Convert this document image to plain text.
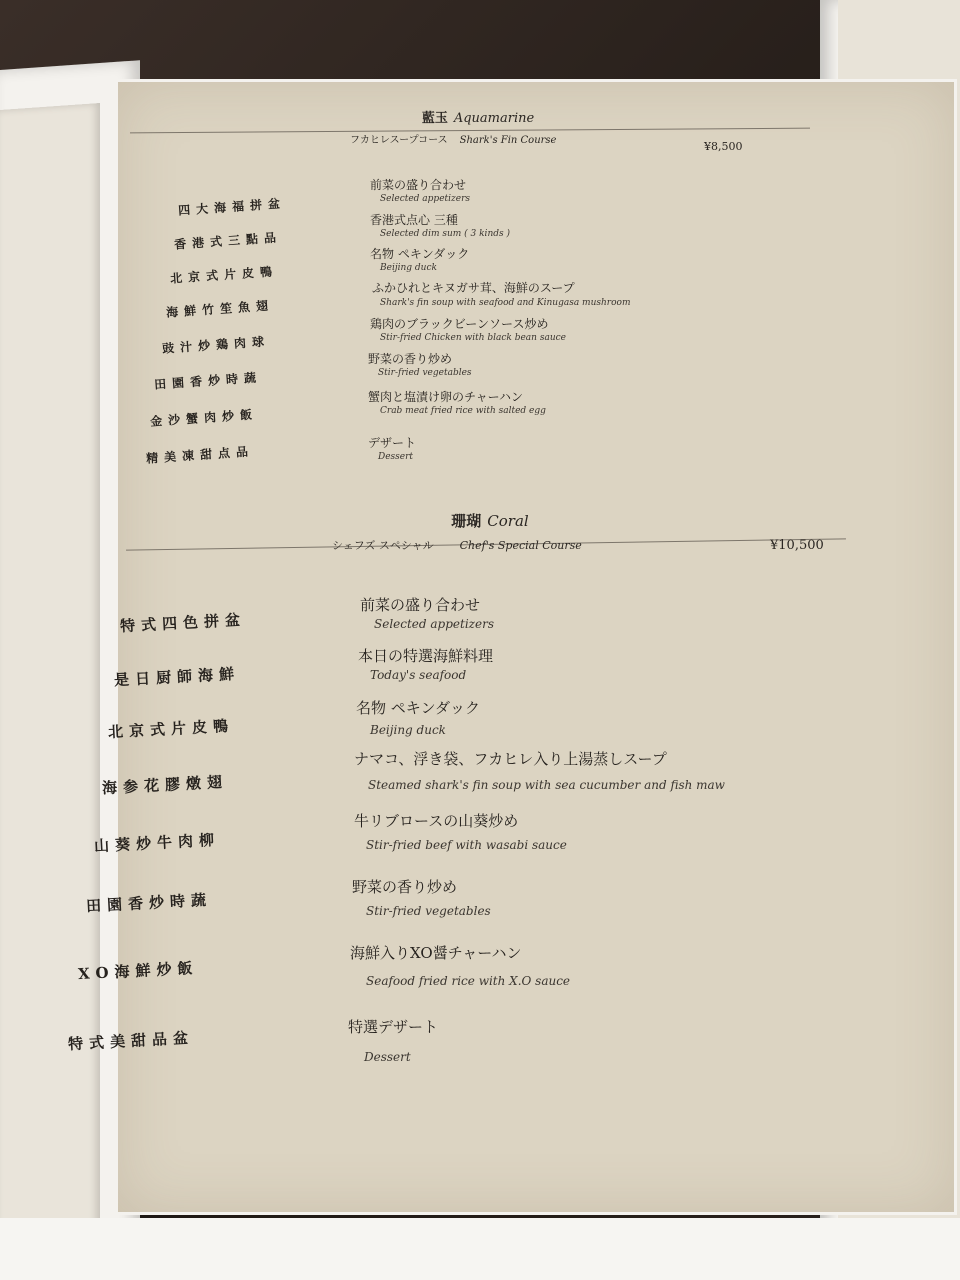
藍玉 Aquamarine
フカヒレスープコース Shark's Fin Course	¥8,500
四大海福拼盆
前菜の盛り合わせ
Selected appetizers
香港式三點品
香港式点心 三種
Selected dim sum ( 3 kinds )
北京式片皮鴨
名物 ペキンダック
Beijing duck
海鮮竹笙魚翅
ふかひれとキヌガサ茸、海鮮のスープ
Shark's fin soup with seafood and Kinugasa mushroom
豉汁炒鶏肉球
鶏肉のブラックビーンソース炒め
Stir-fried Chicken with black bean sauce
田園香炒時蔬
野菜の香り炒め
Stir-fried vegetables
金沙蟹肉炒飯
蟹肉と塩漬け卵のチャーハン
Crab meat fried rice with salted egg
精美凍甜点品
デザート
Dessert
珊瑚 Coral
シェフズ スペシャル Chef's Special Course	¥10,500
特式四色拼盆
前菜の盛り合わせ
Selected appetizers
是日厨師海鮮
本日の特選海鮮料理
Today's seafood
北京式片皮鴨
名物 ペキンダック
Beijing duck
海参花膠燉翅
ナマコ、浮き袋、フカヒレ入り上湯蒸しスープ
Steamed shark's fin soup with sea cucumber and fish maw
山葵炒牛肉柳
牛リブロースの山葵炒め
Stir-fried beef with wasabi sauce
田園香炒時蔬
野菜の香り炒め
Stir-fried vegetables
XO海鮮炒飯
海鮮入りXO醤チャーハン
Seafood fried rice with X.O sauce
特式美甜品盆
特選デザート
Dessert
